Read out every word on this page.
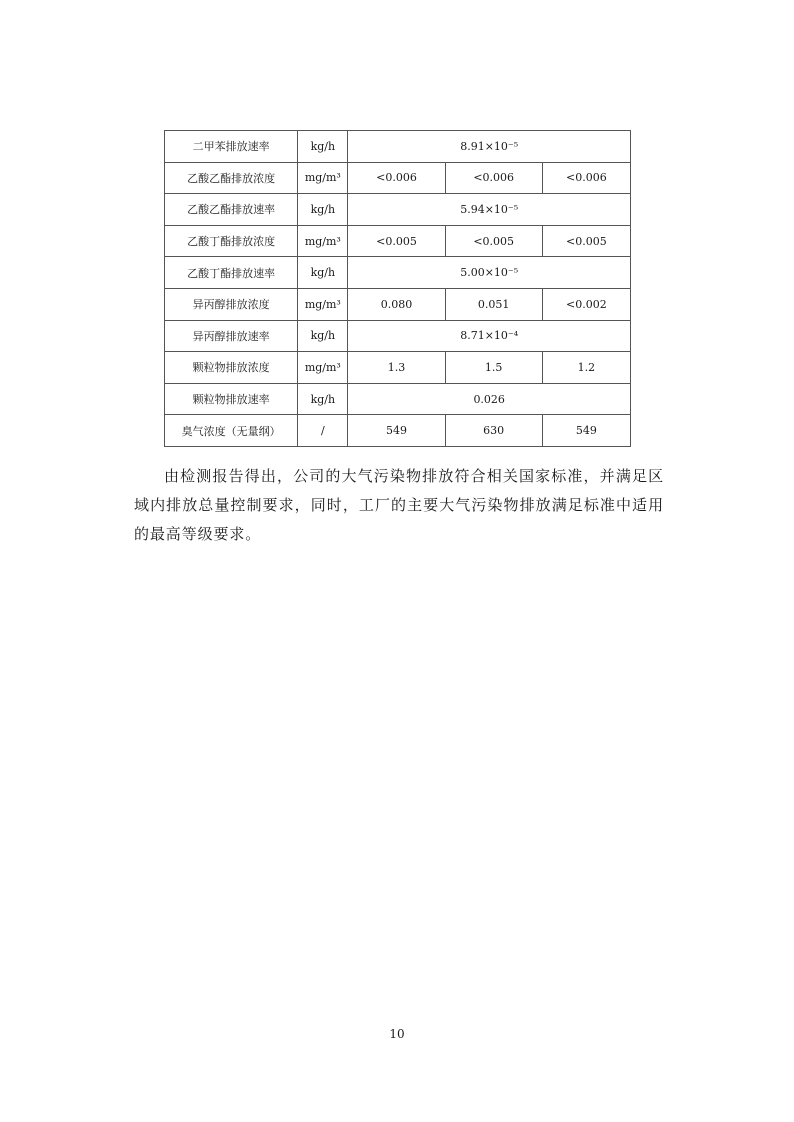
二甲苯排放速率	kg/h	8.91×10⁻⁵		
乙酸乙酯排放浓度	mg/m³	<0.006	<0.006	<0.006
乙酸乙酯排放速率	kg/h	5.94×10⁻⁵		
乙酸丁酯排放浓度	mg/m³	<0.005	<0.005	<0.005
乙酸丁酯排放速率	kg/h	5.00×10⁻⁵		
异丙醇排放浓度	mg/m³	0.080	0.051	<0.002
异丙醇排放速率	kg/h	8.71×10⁻⁴		
颗粒物排放浓度	mg/m³	1.3	1.5	1.2
颗粒物排放速率	kg/h	0.026		
臭气浓度（无量纲）	/	549	630	549

由检测报告得出，公司的大气污染物排放符合相关国家标准，并满足区域内排放总量控制要求，同时，工厂的主要大气污染物排放满足标准中适用的最高等级要求。

10
